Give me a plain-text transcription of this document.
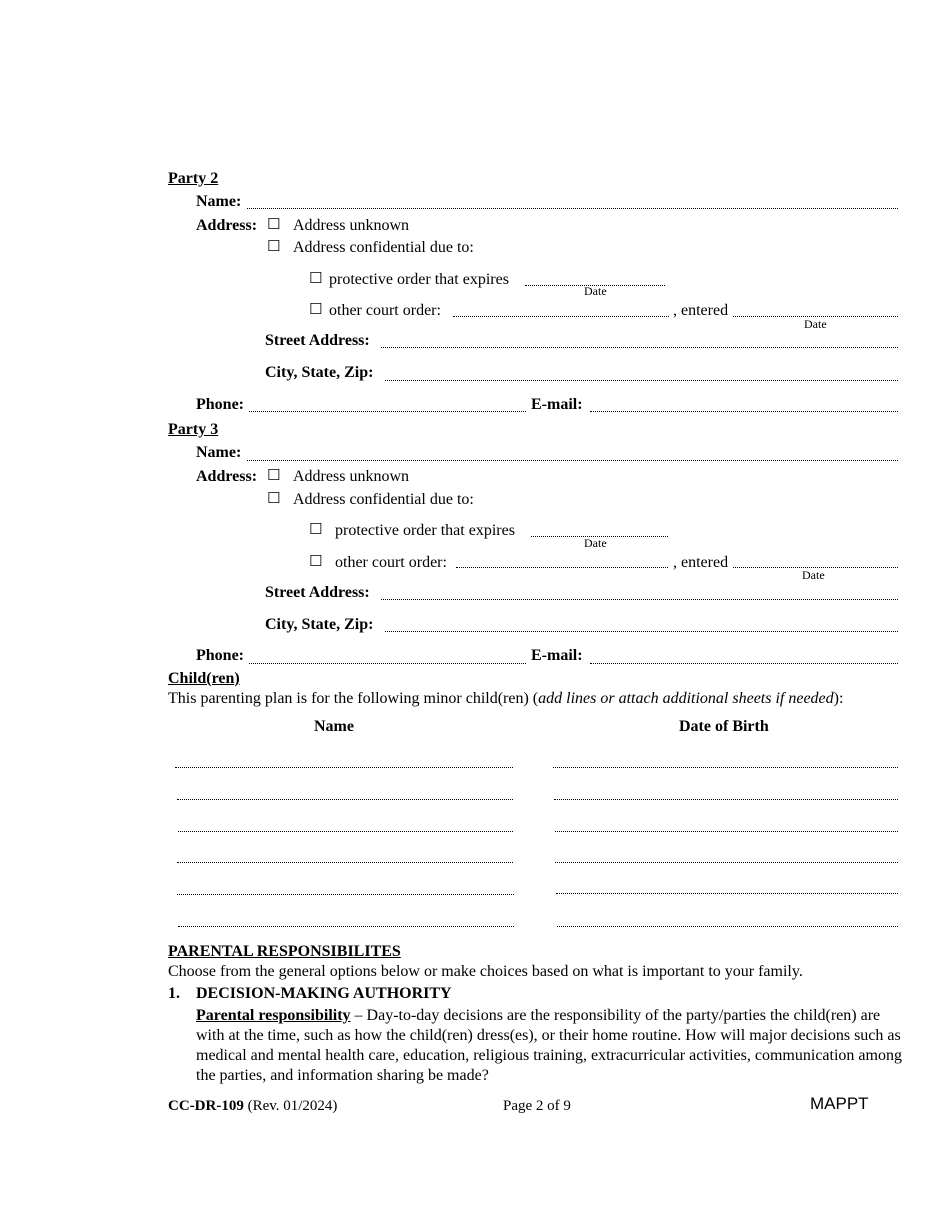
Party 2
Name:
Address: ☐ Address unknown
☐ Address confidential due to:
☐ protective order that expires
Date
☐ other court order:	, entered
Date
Street Address:
City, State, Zip:
Phone:	E-mail:
Party 3
Name:
Address: ☐ Address unknown
☐ Address confidential due to:
☐ protective order that expires
Date
☐ other court order:	, entered
Date
Street Address:
City, State, Zip:
Phone:	E-mail:
Child(ren)
This parenting plan is for the following minor child(ren) (add lines or attach additional sheets if needed):
Name	Date of Birth
PARENTAL RESPONSIBILITES
Choose from the general options below or make choices based on what is important to your family.
1. DECISION-MAKING AUTHORITY
Parental responsibility – Day-to-day decisions are the responsibility of the party/parties the child(ren) are with at the time, such as how the child(ren) dress(es), or their home routine. How will major decisions such as medical and mental health care, education, religious training, extracurricular activities, communication among the parties, and information sharing be made?
CC-DR-109 (Rev. 01/2024)	Page 2 of 9	MAPPT
